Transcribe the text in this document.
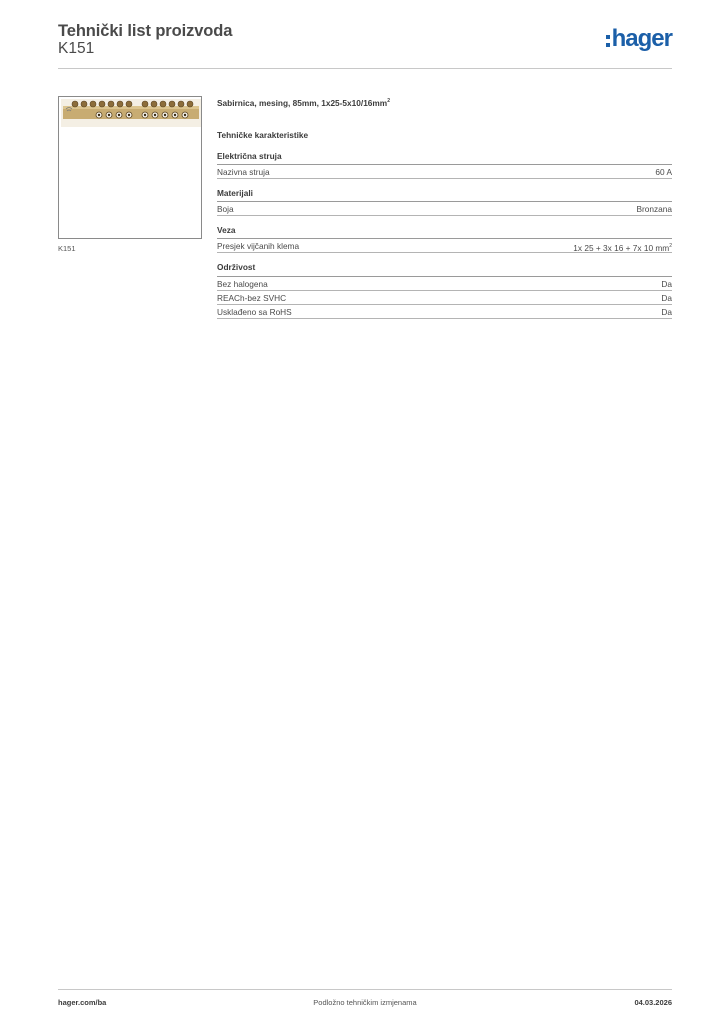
Tehnički list proizvoda
K151	hager
K151
Sabirnica, mesing, 85mm, $1x25-5x10/16mm^2$
Tehničke karakteristike
Električna struja
Nazivna struja	60 A
Materijali
Boja	Bronzana
Veza
Presjek vijčanih klema	1x 25 + 3x 16 + 7x 10 $mm^2$
Održivost
Bez halogena	Da
REACh-bez SVHC	Da
Usklađeno sa RoHS	Da
hager.com/ba	Podložno tehničkim izmjenama	04.03.2026
